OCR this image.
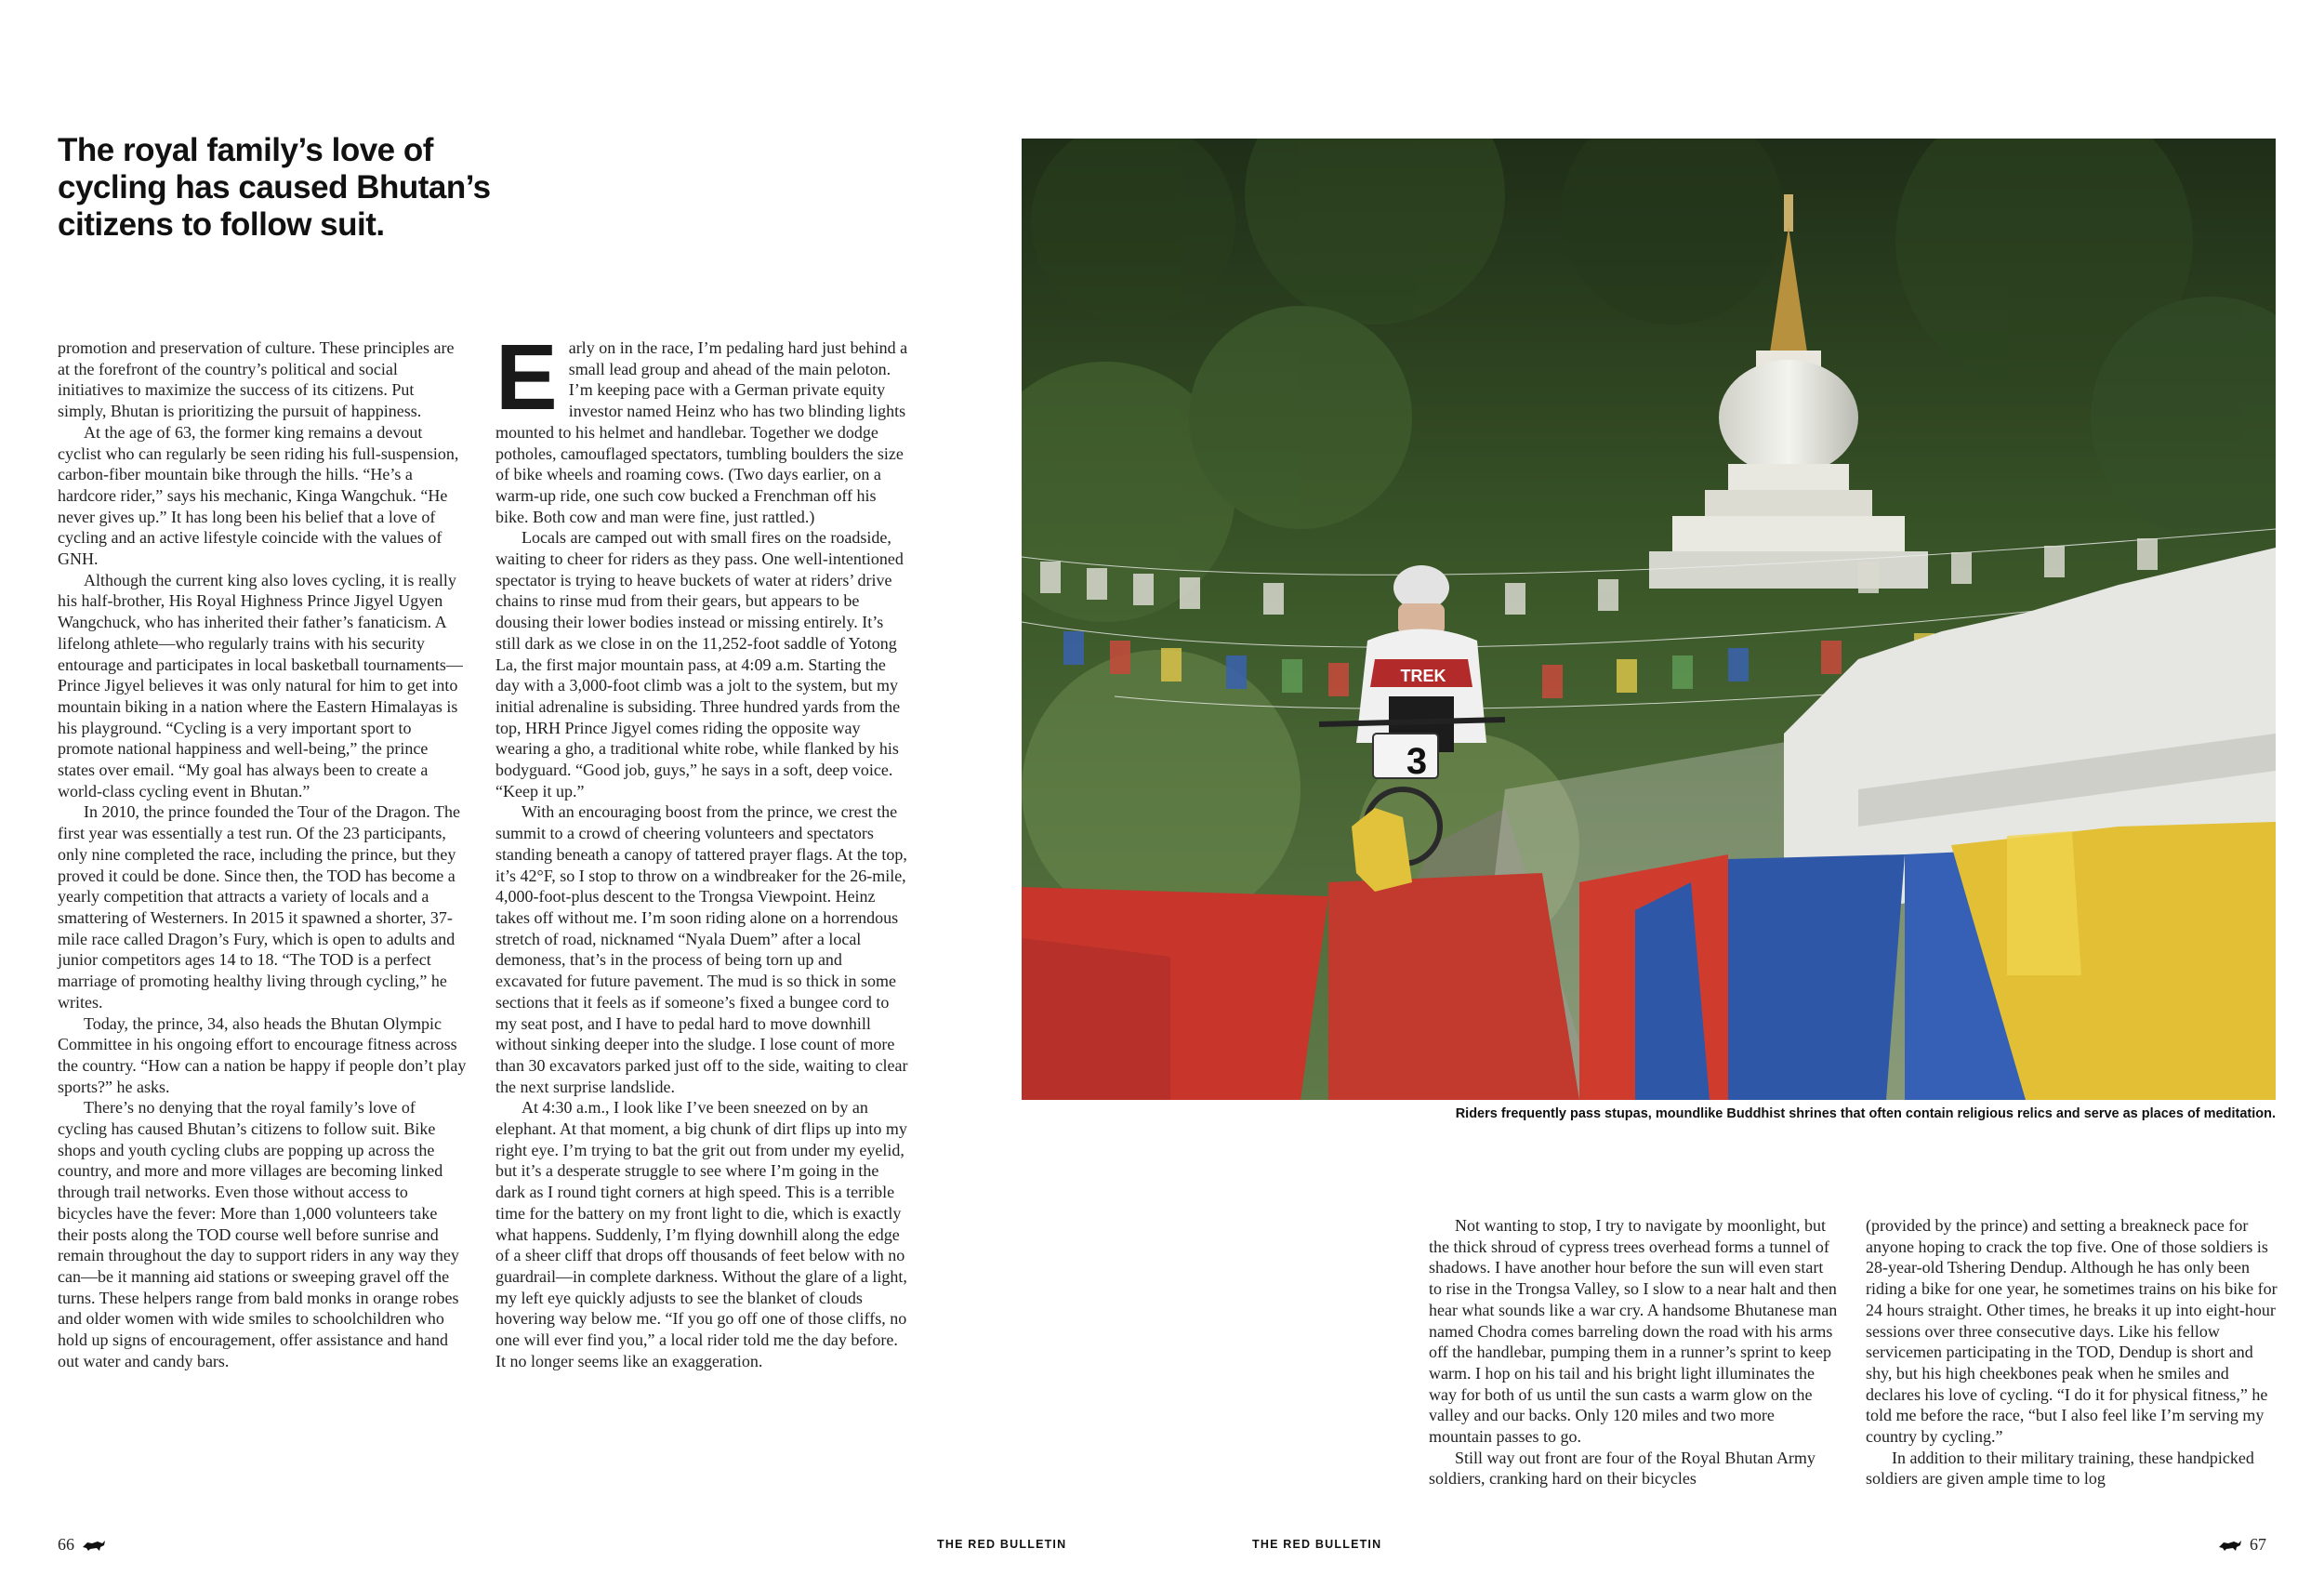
The royal family’s love of cycling has caused Bhutan’s citizens to follow suit.

promotion and preservation of culture. These principles are at the forefront of the country’s political and social initiatives to maximize the success of its citizens. Put simply, Bhutan is prioritizing the pursuit of happiness.

At the age of 63, the former king remains a devout cyclist who can regularly be seen riding his full-suspension, carbon-fiber mountain bike through the hills. “He’s a hardcore rider,” says his mechanic, Kinga Wangchuk. “He never gives up.” It has long been his belief that a love of cycling and an active lifestyle coincide with the values of GNH.

Although the current king also loves cycling, it is really his half-brother, His Royal Highness Prince Jigyel Ugyen Wangchuck, who has inherited their father’s fanaticism. A lifelong athlete—who regularly trains with his security entourage and participates in local basketball tournaments—Prince Jigyel believes it was only natural for him to get into mountain biking in a nation where the Eastern Himalayas is his playground. “Cycling is a very important sport to promote national happiness and well-being,” the prince states over email. “My goal has always been to create a world-class cycling event in Bhutan.”

In 2010, the prince founded the Tour of the Dragon. The first year was essentially a test run. Of the 23 participants, only nine completed the race, including the prince, but they proved it could be done. Since then, the TOD has become a yearly competition that attracts a variety of locals and a smattering of Westerners. In 2015 it spawned a shorter, 37-mile race called Dragon’s Fury, which is open to adults and junior competitors ages 14 to 18. “The TOD is a perfect marriage of promoting healthy living through cycling,” he writes.

Today, the prince, 34, also heads the Bhutan Olympic Committee in his ongoing effort to encourage fitness across the country. “How can a nation be happy if people don’t play sports?” he asks.

There’s no denying that the royal family’s love of cycling has caused Bhutan’s citizens to follow suit. Bike shops and youth cycling clubs are popping up across the country, and more and more villages are becoming linked through trail networks. Even those without access to bicycles have the fever: More than 1,000 volunteers take their posts along the TOD course well before sunrise and remain throughout the day to support riders in any way they can—be it manning aid stations or sweeping gravel off the turns. These helpers range from bald monks in orange robes and older women with wide smiles to schoolchildren who hold up signs of encouragement, offer assistance and hand out water and candy bars.

E arly on in the race, I’m pedaling hard just behind a small lead group and ahead of the main peloton. I’m keeping pace with a German private equity investor named Heinz who has two blinding lights mounted to his helmet and handlebar. Together we dodge potholes, camouflaged spectators, tumbling boulders the size of bike wheels and roaming cows. (Two days earlier, on a warm-up ride, one such cow bucked a Frenchman off his bike. Both cow and man were fine, just rattled.)

Locals are camped out with small fires on the roadside, waiting to cheer for riders as they pass. One well-intentioned spectator is trying to heave buckets of water at riders’ drive chains to rinse mud from their gears, but appears to be dousing their lower bodies instead or missing entirely. It’s still dark as we close in on the 11,252-foot saddle of Yotong La, the first major mountain pass, at 4:09 a.m. Starting the day with a 3,000-foot climb was a jolt to the system, but my initial adrenaline is subsiding. Three hundred yards from the top, HRH Prince Jigyel comes riding the opposite way wearing a gho, a traditional white robe, while flanked by his bodyguard. “Good job, guys,” he says in a soft, deep voice. “Keep it up.”

With an encouraging boost from the prince, we crest the summit to a crowd of cheering volunteers and spectators standing beneath a canopy of tattered prayer flags. At the top, it’s 42°F, so I stop to throw on a windbreaker for the 26-mile, 4,000-foot-plus descent to the Trongsa Viewpoint. Heinz takes off without me. I’m soon riding alone on a horrendous stretch of road, nicknamed “Nyala Duem” after a local demoness, that’s in the process of being torn up and excavated for future pavement. The mud is so thick in some sections that it feels as if someone’s fixed a bungee cord to my seat post, and I have to pedal hard to move downhill without sinking deeper into the sludge. I lose count of more than 30 excavators parked just off to the side, waiting to clear the next surprise landslide.

At 4:30 a.m., I look like I’ve been sneezed on by an elephant. At that moment, a big chunk of dirt flips up into my right eye. I’m trying to bat the grit out from under my eyelid, but it’s a desperate struggle to see where I’m going in the dark as I round tight corners at high speed. This is a terrible time for the battery on my front light to die, which is exactly what happens. Suddenly, I’m flying downhill along the edge of a sheer cliff that drops off thousands of feet below with no guardrail—in complete darkness. Without the glare of a light, my left eye quickly adjusts to see the blanket of clouds hovering way below me. “If you go off one of those cliffs, no one will ever find you,” a local rider told me the day before. It no longer seems like an exaggeration.

3
TREK
Riders frequently pass stupas, moundlike Buddhist shrines that often contain religious relics and serve as places of meditation.

Not wanting to stop, I try to navigate by moonlight, but the thick shroud of cypress trees overhead forms a tunnel of shadows. I have another hour before the sun will even start to rise in the Trongsa Valley, so I slow to a near halt and then hear what sounds like a war cry. A handsome Bhutanese man named Chodra comes barreling down the road with his arms off the handlebar, pumping them in a runner’s sprint to keep warm. I hop on his tail and his bright light illuminates the way for both of us until the sun casts a warm glow on the valley and our backs. Only 120 miles and two more mountain passes to go.

Still way out front are four of the Royal Bhutan Army soldiers, cranking hard on their bicycles

(provided by the prince) and setting a breakneck pace for anyone hoping to crack the top five. One of those soldiers is 28-year-old Tshering Dendup. Although he has only been riding a bike for one year, he sometimes trains on his bike for 24 hours straight. Other times, he breaks it up into eight-hour sessions over three consecutive days. Like his fellow servicemen participating in the TOD, Dendup is short and shy, but his high cheekbones peak when he smiles and declares his love of cycling. “I do it for physical fitness,” he told me before the race, “but I also feel like I’m serving my country by cycling.”

In addition to their military training, these handpicked soldiers are given ample time to log

66	THE RED BULLETIN	THE RED BULLETIN	67
